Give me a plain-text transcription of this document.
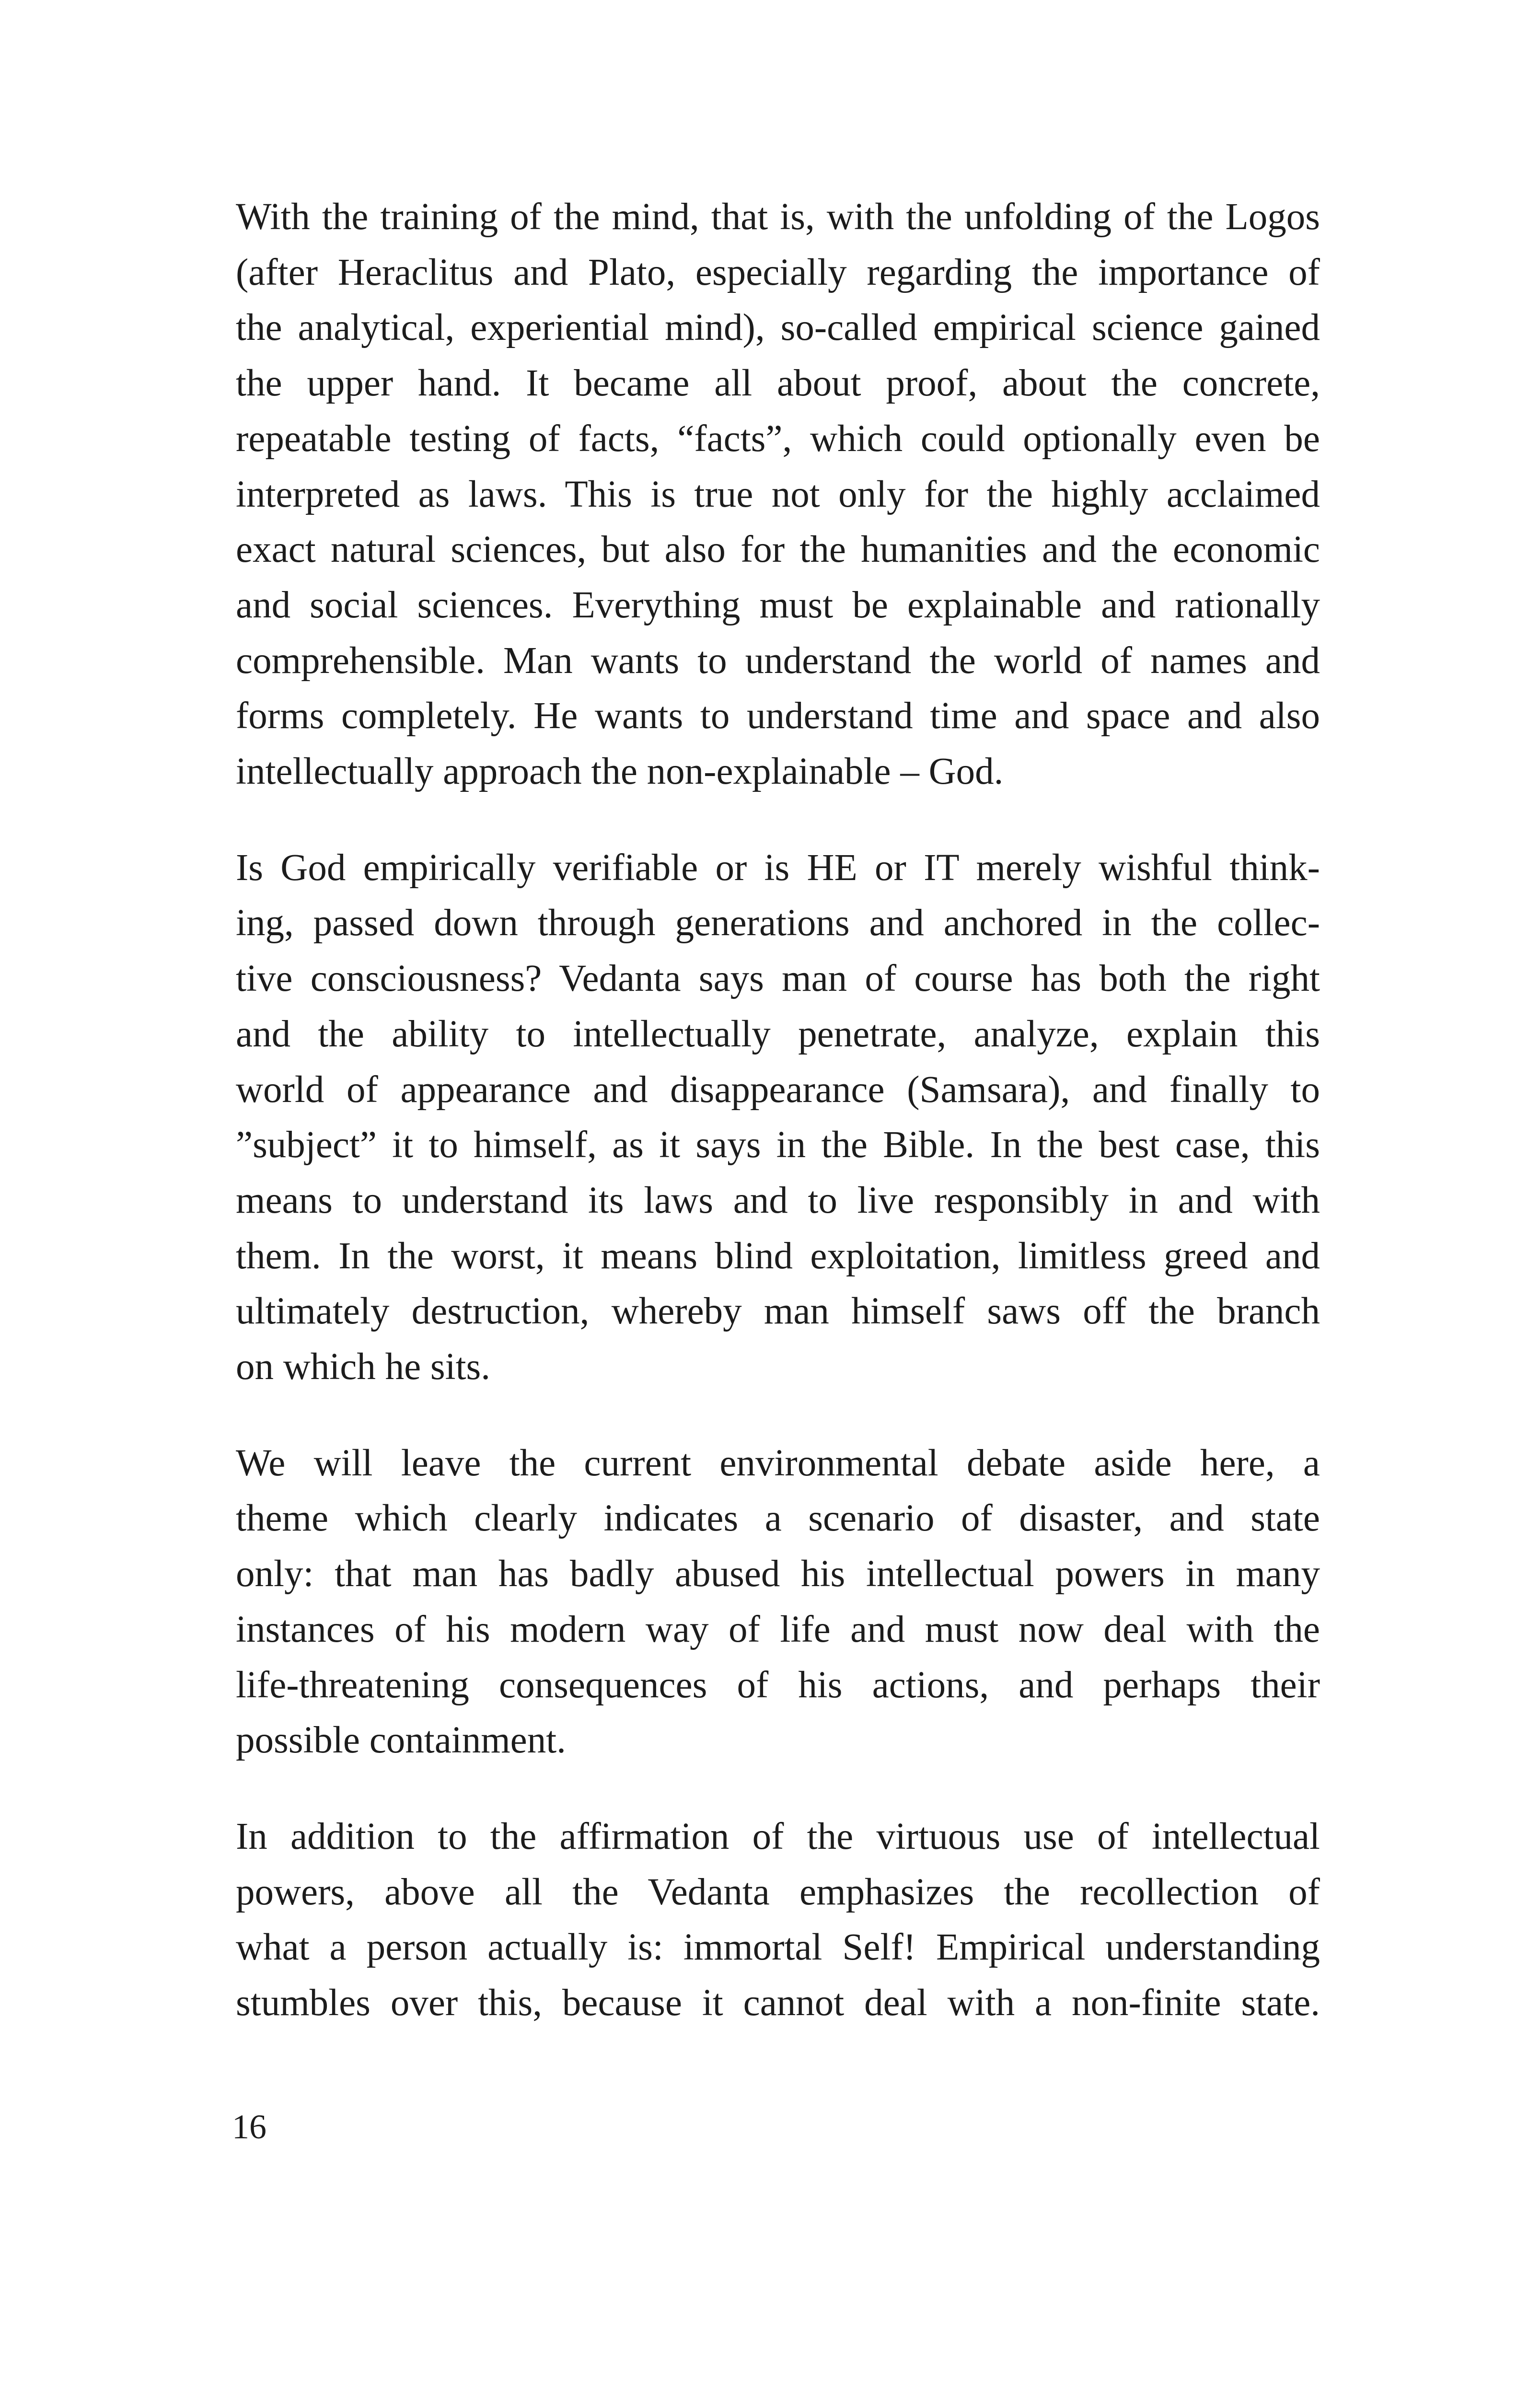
With the training of the mind, that is, with the unfolding of the Logos
(after Heraclitus and Plato, especially regarding the importance of
the analytical, experiential mind), so-called empirical science gained
the upper hand. It became all about proof, about the concrete,
repeatable testing of facts, “facts”, which could optionally even be
interpreted as laws. This is true not only for the highly acclaimed
exact natural sciences, but also for the humanities and the economic
and social sciences. Everything must be explainable and rationally
comprehensible. Man wants to understand the world of names and
forms completely. He wants to understand time and space and also
intellectually approach the non-explainable – God.
Is God empirically verifiable or is HE or IT merely wishful think-
ing, passed down through generations and anchored in the collec-
tive consciousness? Vedanta says man of course has both the right
and the ability to intellectually penetrate, analyze, explain this
world of appearance and disappearance (Samsara), and finally to
”subject” it to himself, as it says in the Bible. In the best case, this
means to understand its laws and to live responsibly in and with
them. In the worst, it means blind exploitation, limitless greed and
ultimately destruction, whereby man himself saws off the branch
on which he sits.
We will leave the current environmental debate aside here, a
theme which clearly indicates a scenario of disaster, and state
only: that man has badly abused his intellectual powers in many
instances of his modern way of life and must now deal with the
life-threatening consequences of his actions, and perhaps their
possible containment.
In addition to the affirmation of the virtuous use of intellectual
powers, above all the Vedanta emphasizes the recollection of
what a person actually is: immortal Self! Empirical understanding
stumbles over this, because it cannot deal with a non-finite state.
16
